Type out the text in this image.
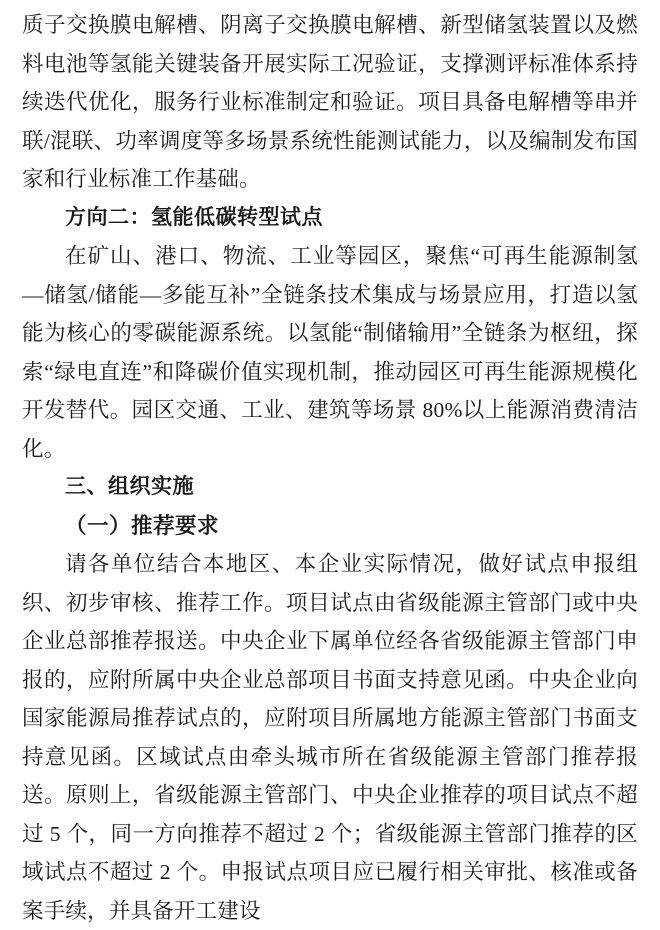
质子交换膜电解槽、阴离子交换膜电解槽、新型储氢装置以及燃料电池等氢能关键装备开展实际工况验证，支撑测评标准体系持续迭代优化，服务行业标准制定和验证。项目具备电解槽等串并联/混联、功率调度等多场景系统性能测试能力，以及编制发布国家和行业标准工作基础。

方向二：氢能低碳转型试点

在矿山、港口、物流、工业等园区，聚焦“可再生能源制氢—储氢/储能—多能互补”全链条技术集成与场景应用，打造以氢能为核心的零碳能源系统。以氢能“制储输用”全链条为枢纽，探索“绿电直连”和降碳价值实现机制，推动园区可再生能源规模化开发替代。园区交通、工业、建筑等场景 80%以上能源消费清洁化。

三、组织实施

（一）推荐要求

请各单位结合本地区、本企业实际情况，做好试点申报组织、初步审核、推荐工作。项目试点由省级能源主管部门或中央企业总部推荐报送。中央企业下属单位经各省级能源主管部门申报的，应附所属中央企业总部项目书面支持意见函。中央企业向国家能源局推荐试点的，应附项目所属地方能源主管部门书面支持意见函。区域试点由牵头城市所在省级能源主管部门推荐报送。原则上，省级能源主管部门、中央企业推荐的项目试点不超过 5 个，同一方向推荐不超过 2 个；省级能源主管部门推荐的区域试点不超过 2 个。申报试点项目应已履行相关审批、核准或备案手续，并具备开工建设
